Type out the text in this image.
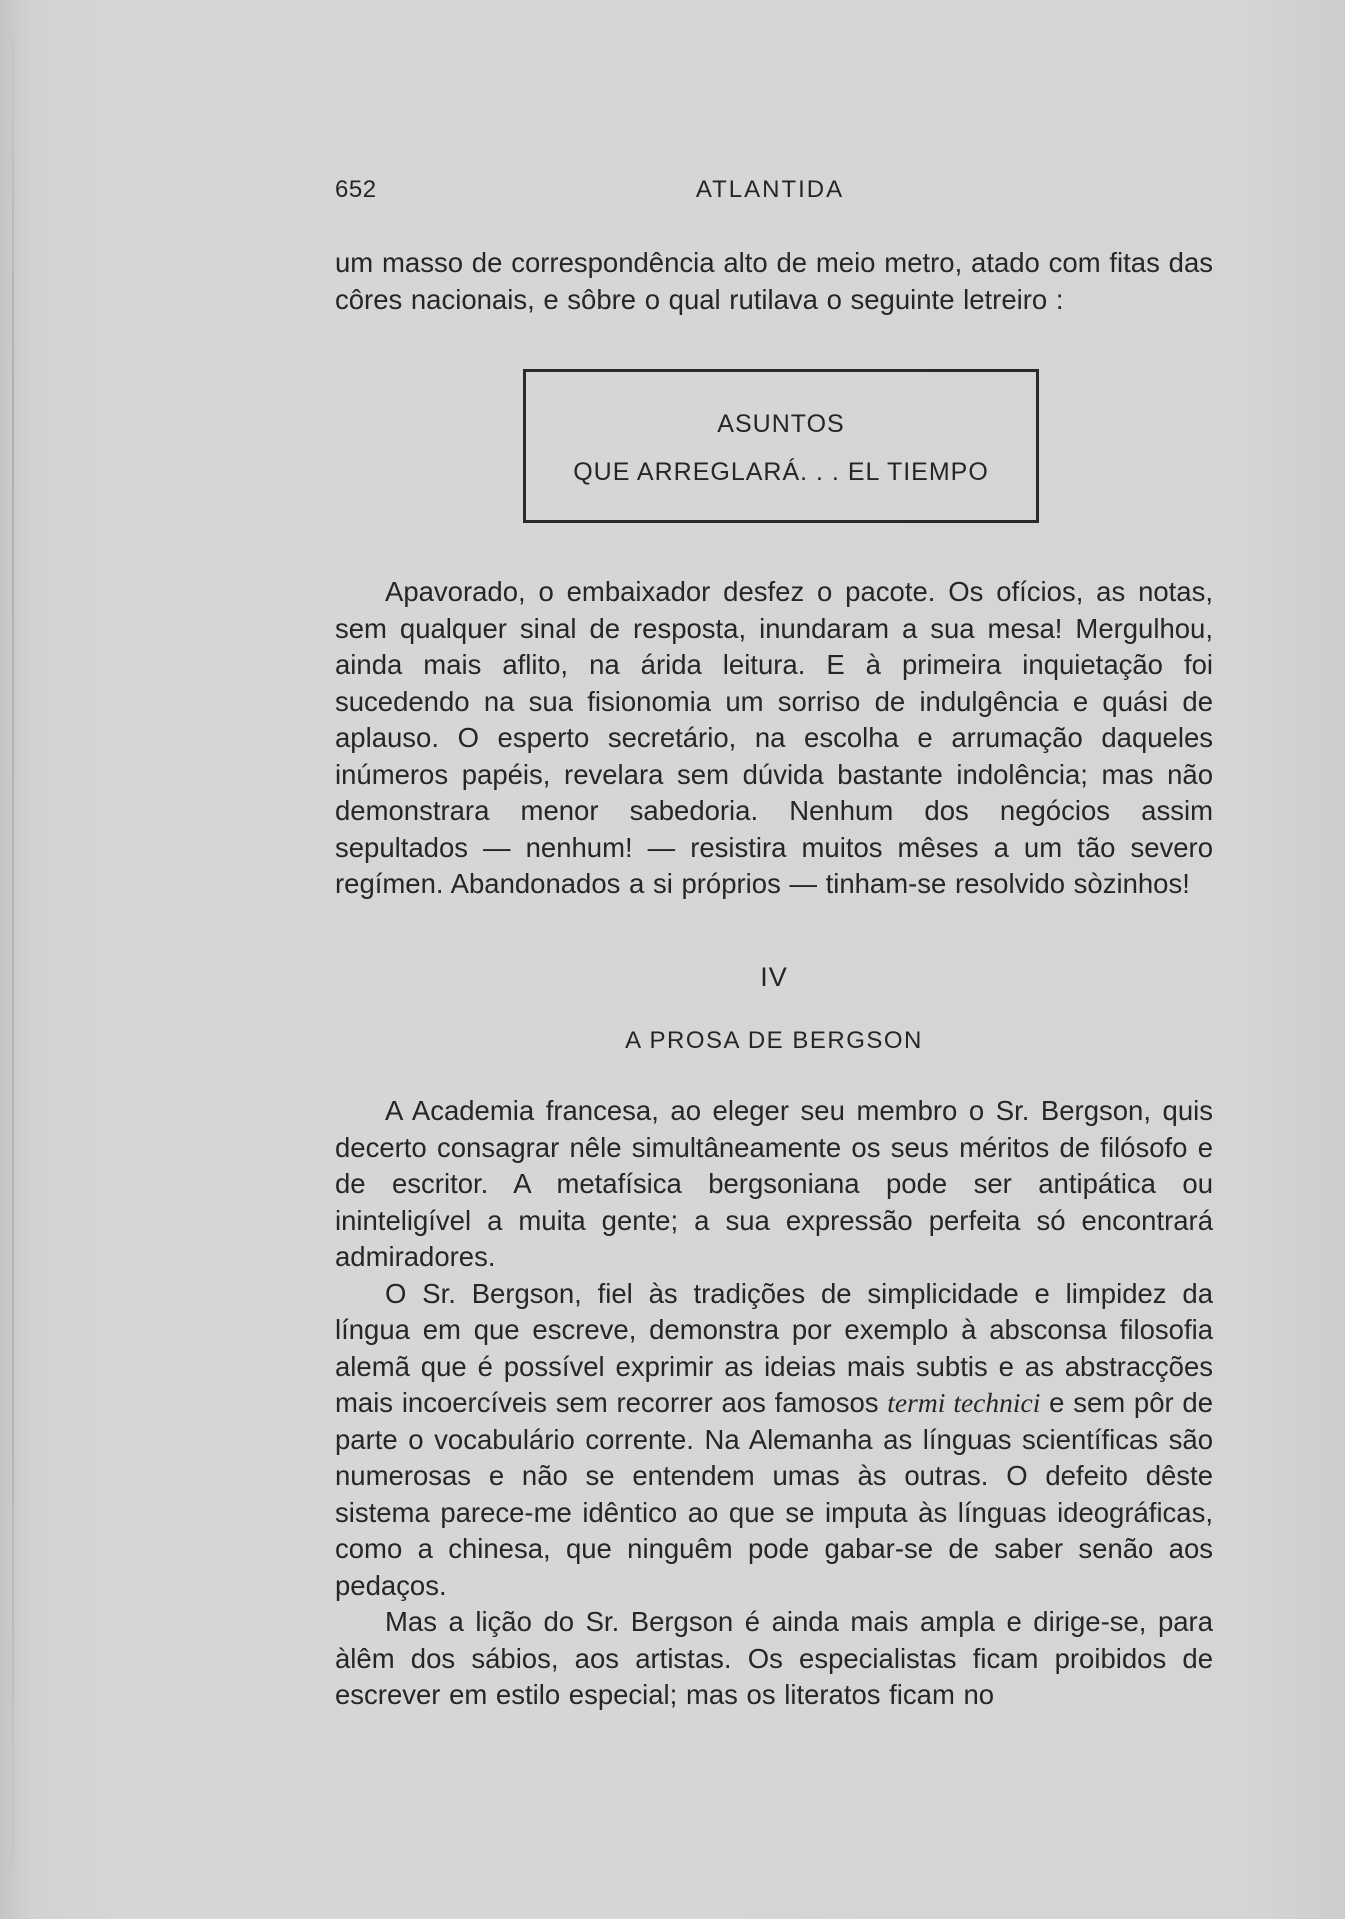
652	ATLANTIDA

um masso de correspondência alto de meio metro, atado com fitas das côres nacionais, e sôbre o qual rutilava o seguinte letreiro :

ASUNTOS
QUE ARREGLARÁ. . . EL TIEMPO

Apavorado, o embaixador desfez o pacote. Os ofícios, as notas, sem qualquer sinal de resposta, inundaram a sua mesa! Mergulhou, ainda mais aflito, na árida leitura. E à primeira inquietação foi sucedendo na sua fisionomia um sorriso de indulgência e quási de aplauso. O esperto secretário, na escolha e arrumação daqueles inúmeros papéis, revelara sem dúvida bastante indolência; mas não demonstrara menor sabedoria. Nenhum dos negócios assim sepultados — nenhum! — resistira muitos mêses a um tão severo regímen. Abandonados a si próprios — tinham-se resolvido sòzinhos!

IV
A PROSA DE BERGSON

A Academia francesa, ao eleger seu membro o Sr. Bergson, quis decerto consagrar nêle simultâneamente os seus méritos de filósofo e de escritor. A metafísica bergsoniana pode ser antipática ou ininteligível a muita gente; a sua expressão perfeita só encontrará admiradores.

O Sr. Bergson, fiel às tradições de simplicidade e limpidez da língua em que escreve, demonstra por exemplo à absconsa filosofia alemã que é possível exprimir as ideias mais subtis e as abstracções mais incoercíveis sem recorrer aos famosos termi technici e sem pôr de parte o vocabulário corrente. Na Alemanha as línguas scientíficas são numerosas e não se entendem umas às outras. O defeito dêste sistema parece-me idêntico ao que se imputa às línguas ideográficas, como a chinesa, que ninguêm pode gabar-se de saber senão aos pedaços.

Mas a lição do Sr. Bergson é ainda mais ampla e dirige-se, para àlêm dos sábios, aos artistas. Os especialistas ficam proibidos de escrever em estilo especial; mas os literatos ficam no
